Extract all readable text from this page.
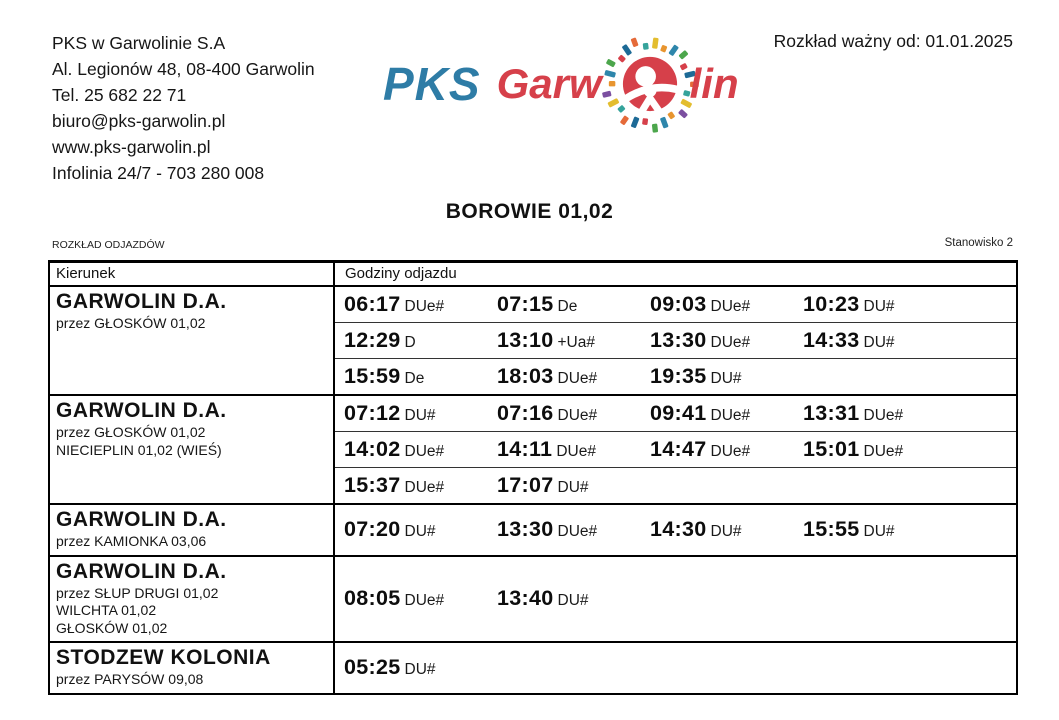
PKS w Garwolinie S.A
Al. Legionów 48, 08-400 Garwolin
Tel. 25 682 22 71
biuro@pks-garwolin.pl
www.pks-garwolin.pl
Infolinia 24/7 - 703 280 008
Rozkład ważny od: 01.01.2025
PKS Garw lin
BOROWIE 01,02
ROZKŁAD ODJAZDÓW	Stanowisko 2
Kierunek	Godziny odjazdu
GARWOLIN D.A.
przez GŁOSKÓW 01,02
06:17 DUe#	07:15 De	09:03 DUe#	10:23 DU#
12:29 D	13:10 +Ua#	13:30 DUe#	14:33 DU#
15:59 De	18:03 DUe#	19:35 DU#
GARWOLIN D.A.
przez GŁOSKÓW 01,02
NIECIEPLIN 01,02 (WIEŚ)
07:12 DU#	07:16 DUe#	09:41 DUe#	13:31 DUe#
14:02 DUe#	14:11 DUe#	14:47 DUe#	15:01 DUe#
15:37 DUe#	17:07 DU#
GARWOLIN D.A.
przez KAMIONKA 03,06	07:20 DU#	13:30 DUe#	14:30 DU#	15:55 DU#
GARWOLIN D.A.
przez SŁUP DRUGI 01,02
WILCHTA 01,02
GŁOSKÓW 01,02
08:05 DUe#	13:40 DU#
STODZEW KOLONIA
przez PARYSÓW 09,08	05:25 DU#
